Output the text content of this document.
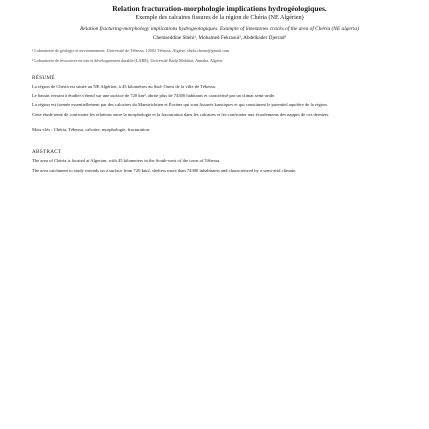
Relation fracturation-morphologie implications hydrogéologiques.

Exemple des calcaires fissures de la région de Chéria (NE Algérien)

Relation fracturing-morphology implications hydrogeologiques. Example of limestones cracks of the area of Chéria (NE algeria)

Chemseddine Sbehi¹, Mohamed Fekraoui², Abdelkader Djerrad³

¹ Laboratoire de géologie et environnement, Université de Tébessa, 12002 Tébessa, Algérie. sbehi.chems@gmail.com

² Laboratoire de ressources en eau et développement durable (LARE), Université Badji Mokhtar, Annaba, Algérie

RÉSUMÉ

La région de Chéria est située au NE Algérien, à 45 kilomètres au Sud- Ouest de la ville de Tébessa.

Le bassin versant à étudier s'étend sur une surface de 720 km², abrite plus de 74300 habitants et caractérisé par un climat semi-aride.

La région est formée essentiellement par des calcaires du Maestrichtien et Éocène qui sont fissurés karstiques et qui constituent le potentiel aquifère de la région.

Cette étude tente de confronter les relations entre la morphologie et la fracturation dans les calcaires et les confronter aux écoulements des nappes de ces derniers.

Mots-clés : Chéria, Tébessa, calcaire, morphologie, fracturation.

ABSTRACT

The area of Chéria is located at Algerian, with 45 kilometers in the South-west of the town of Tébessa.

The area catchment to study extends on a surface from 720 km2, shelters more than 74300 inhabitants and characterized by a semi-arid climate.
